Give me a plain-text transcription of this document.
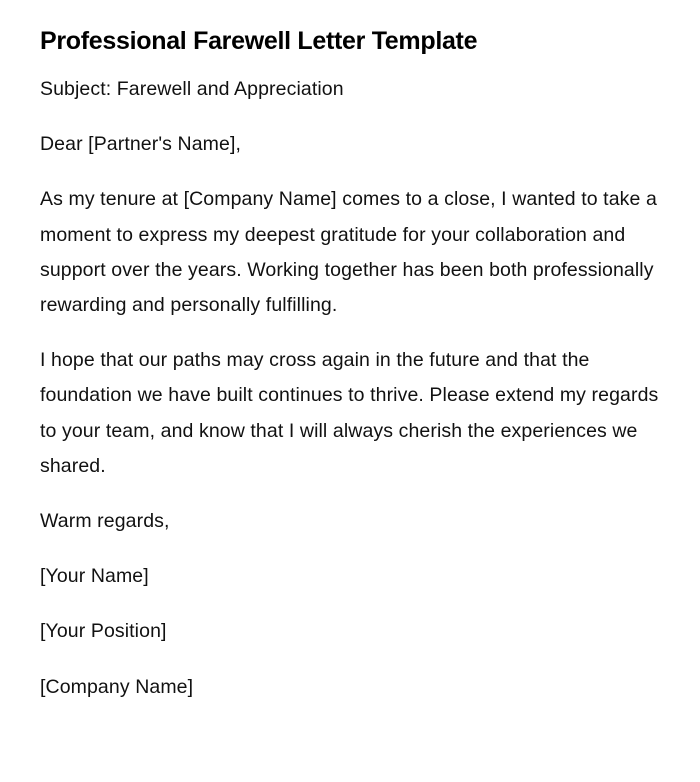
Professional Farewell Letter Template

Subject: Farewell and Appreciation

Dear [Partner's Name],

As my tenure at [Company Name] comes to a close, I wanted to take a moment to express my deepest gratitude for your collaboration and support over the years. Working together has been both professionally rewarding and personally fulfilling.

I hope that our paths may cross again in the future and that the foundation we have built continues to thrive. Please extend my regards to your team, and know that I will always cherish the experiences we shared.

Warm regards,

[Your Name]

[Your Position]

[Company Name]
